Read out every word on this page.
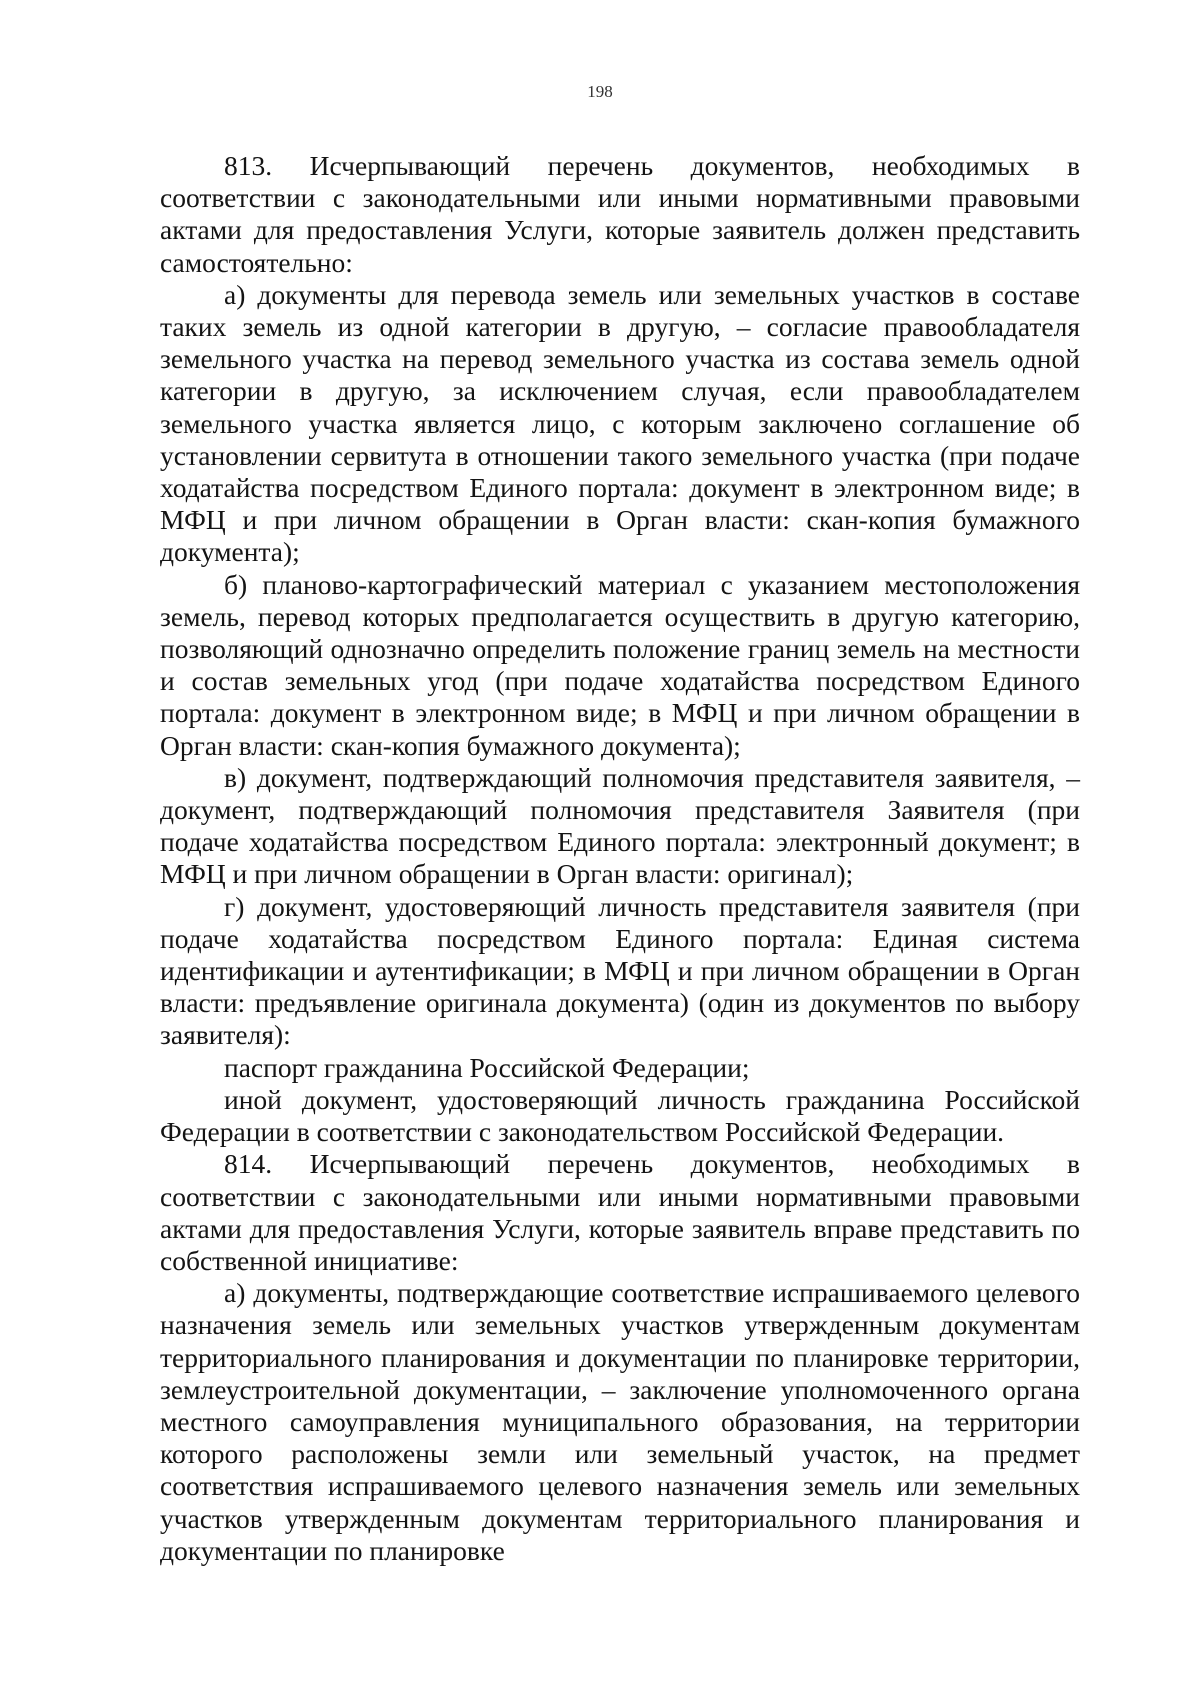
198

813. Исчерпывающий перечень документов, необходимых в соответствии с законодательными или иными нормативными правовыми актами для предоставления Услуги, которые заявитель должен представить самостоятельно:

а) документы для перевода земель или земельных участков в составе таких земель из одной категории в другую, – согласие правообладателя земельного участка на перевод земельного участка из состава земель одной категории в другую, за исключением случая, если правообладателем земельного участка является лицо, с которым заключено соглашение об установлении сервитута в отношении такого земельного участка (при подаче ходатайства посредством Единого портала: документ в электронном виде; в МФЦ и при личном обращении в Орган власти: скан-копия бумажного документа);

б) планово-картографический материал с указанием местоположения земель, перевод которых предполагается осуществить в другую категорию, позволяющий однозначно определить положение границ земель на местности и состав земельных угод (при подаче ходатайства посредством Единого портала: документ в электронном виде; в МФЦ и при личном обращении в Орган власти: скан-копия бумажного документа);

в) документ, подтверждающий полномочия представителя заявителя, – документ, подтверждающий полномочия представителя Заявителя (при подаче ходатайства посредством Единого портала: электронный документ; в МФЦ и при личном обращении в Орган власти: оригинал);

г) документ, удостоверяющий личность представителя заявителя (при подаче ходатайства посредством Единого портала: Единая система идентификации и аутентификации; в МФЦ и при личном обращении в Орган власти: предъявление оригинала документа) (один из документов по выбору заявителя):

паспорт гражданина Российской Федерации;

иной документ, удостоверяющий личность гражданина Российской Федерации в соответствии с законодательством Российской Федерации.

814. Исчерпывающий перечень документов, необходимых в соответствии с законодательными или иными нормативными правовыми актами для предоставления Услуги, которые заявитель вправе представить по собственной инициативе:

а) документы, подтверждающие соответствие испрашиваемого целевого назначения земель или земельных участков утвержденным документам территориального планирования и документации по планировке территории, землеустроительной документации, – заключение уполномоченного органа местного самоуправления муниципального образования, на территории которого расположены земли или земельный участок, на предмет соответствия испрашиваемого целевого назначения земель или земельных участков утвержденным документам территориального планирования и документации по планировке
